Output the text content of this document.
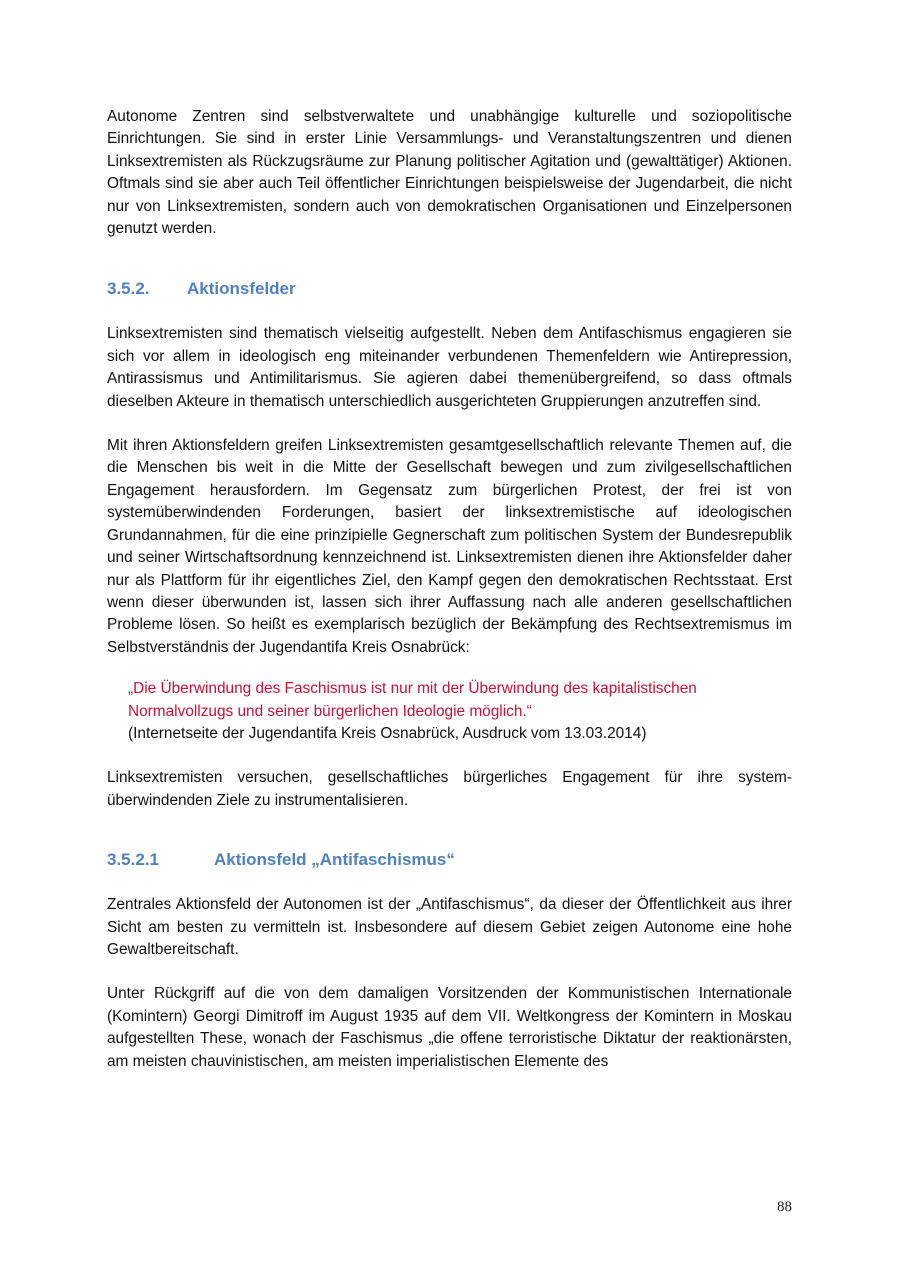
Autonome Zentren sind selbstverwaltete und unabhängige kulturelle und soziopolitische Einrichtungen. Sie sind in erster Linie Versammlungs- und Veranstaltungszentren und dienen Linksextremisten als Rückzugsräume zur Planung politischer Agitation und (gewalttätiger) Aktionen. Oftmals sind sie aber auch Teil öffentlicher Einrichtungen beispielsweise der Jugendarbeit, die nicht nur von Linksextremisten, sondern auch von demokratischen Organisationen und Einzelpersonen genutzt werden.

3.5.2.	Aktionsfelder

Linksextremisten sind thematisch vielseitig aufgestellt. Neben dem Antifaschismus engagieren sie sich vor allem in ideologisch eng miteinander verbundenen Themenfeldern wie Antirepression, Antirassismus und Antimilitarismus. Sie agieren dabei themenübergreifend, so dass oftmals dieselben Akteure in thematisch unterschiedlich ausgerichteten Gruppierungen anzutreffen sind.

Mit ihren Aktionsfeldern greifen Linksextremisten gesamtgesellschaftlich relevante Themen auf, die die Menschen bis weit in die Mitte der Gesellschaft bewegen und zum zivilgesellschaftlichen Engagement herausfordern. Im Gegensatz zum bürgerlichen Protest, der frei ist von systemüberwindenden Forderungen, basiert der linksextremistische auf ideologischen Grundannahmen, für die eine prinzipielle Gegnerschaft zum politischen System der Bundesrepublik und seiner Wirtschaftsordnung kennzeichnend ist. Linksextremisten dienen ihre Aktionsfelder daher nur als Plattform für ihr eigentliches Ziel, den Kampf gegen den demokratischen Rechtsstaat. Erst wenn dieser überwunden ist, lassen sich ihrer Auffassung nach alle anderen gesellschaftlichen Probleme lösen. So heißt es exemplarisch bezüglich der Bekämpfung des Rechtsextremismus im Selbstverständnis der Jugendantifa Kreis Osnabrück:

„Die Überwindung des Faschismus ist nur mit der Überwindung des kapitalistischen Normalvollzugs und seiner bürgerlichen Ideologie möglich.“
(Internetseite der Jugendantifa Kreis Osnabrück, Ausdruck vom 13.03.2014)

Linksextremisten versuchen, gesellschaftliches bürgerliches Engagement für ihre systemüberwindenden Ziele zu instrumentalisieren.

3.5.2.1	Aktionsfeld „Antifaschismus“

Zentrales Aktionsfeld der Autonomen ist der „Antifaschismus“, da dieser der Öffentlichkeit aus ihrer Sicht am besten zu vermitteln ist. Insbesondere auf diesem Gebiet zeigen Autonome eine hohe Gewaltbereitschaft.

Unter Rückgriff auf die von dem damaligen Vorsitzenden der Kommunistischen Internationale (Komintern) Georgi Dimitroff im August 1935 auf dem VII. Weltkongress der Komintern in Moskau aufgestellten These, wonach der Faschismus „die offene terroristische Diktatur der reaktionärsten, am meisten chauvinistischen, am meisten imperialistischen Elemente des

88
